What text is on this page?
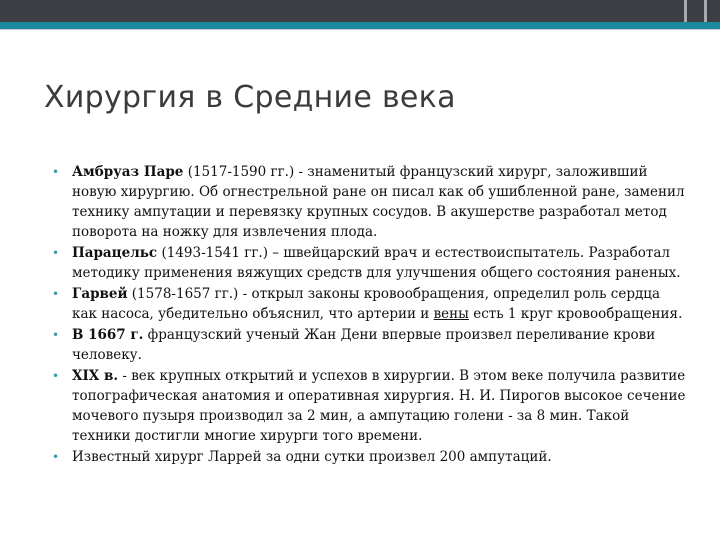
Хирургия в Средние века
• Амбруаз Паре (1517-1590 гг.) - знаменитый французский хирург, заложивший новую хирургию. Об огнестрельной ране он писал как об ушибленной ране, заменил технику ампутации и перевязку крупных сосудов. В акушерстве разработал метод поворота на ножку для извлечения плода.
• Парацельс (1493-1541 гг.) – швейцарский врач и естествоиспытатель. Разработал методику применения вяжущих средств для улучшения общего состояния раненых.
• Гарвей (1578-1657 гг.) - открыл законы кровообращения, определил роль сердца как насоса, убедительно объяснил, что артерии и вены есть 1 круг кровообращения.
• В 1667 г. французский ученый Жан Дени впервые произвел переливание крови человеку.
• XIX в. - век крупных открытий и успехов в хирургии. В этом веке получила развитие топографическая анатомия и оперативная хирургия. Н. И. Пирогов высокое сечение мочевого пузыря производил за 2 мин, а ампутацию голени - за 8 мин. Такой техники достигли многие хирурги того времени.
• Известный хирург Ларрей за одни сутки произвел 200 ампутаций.
